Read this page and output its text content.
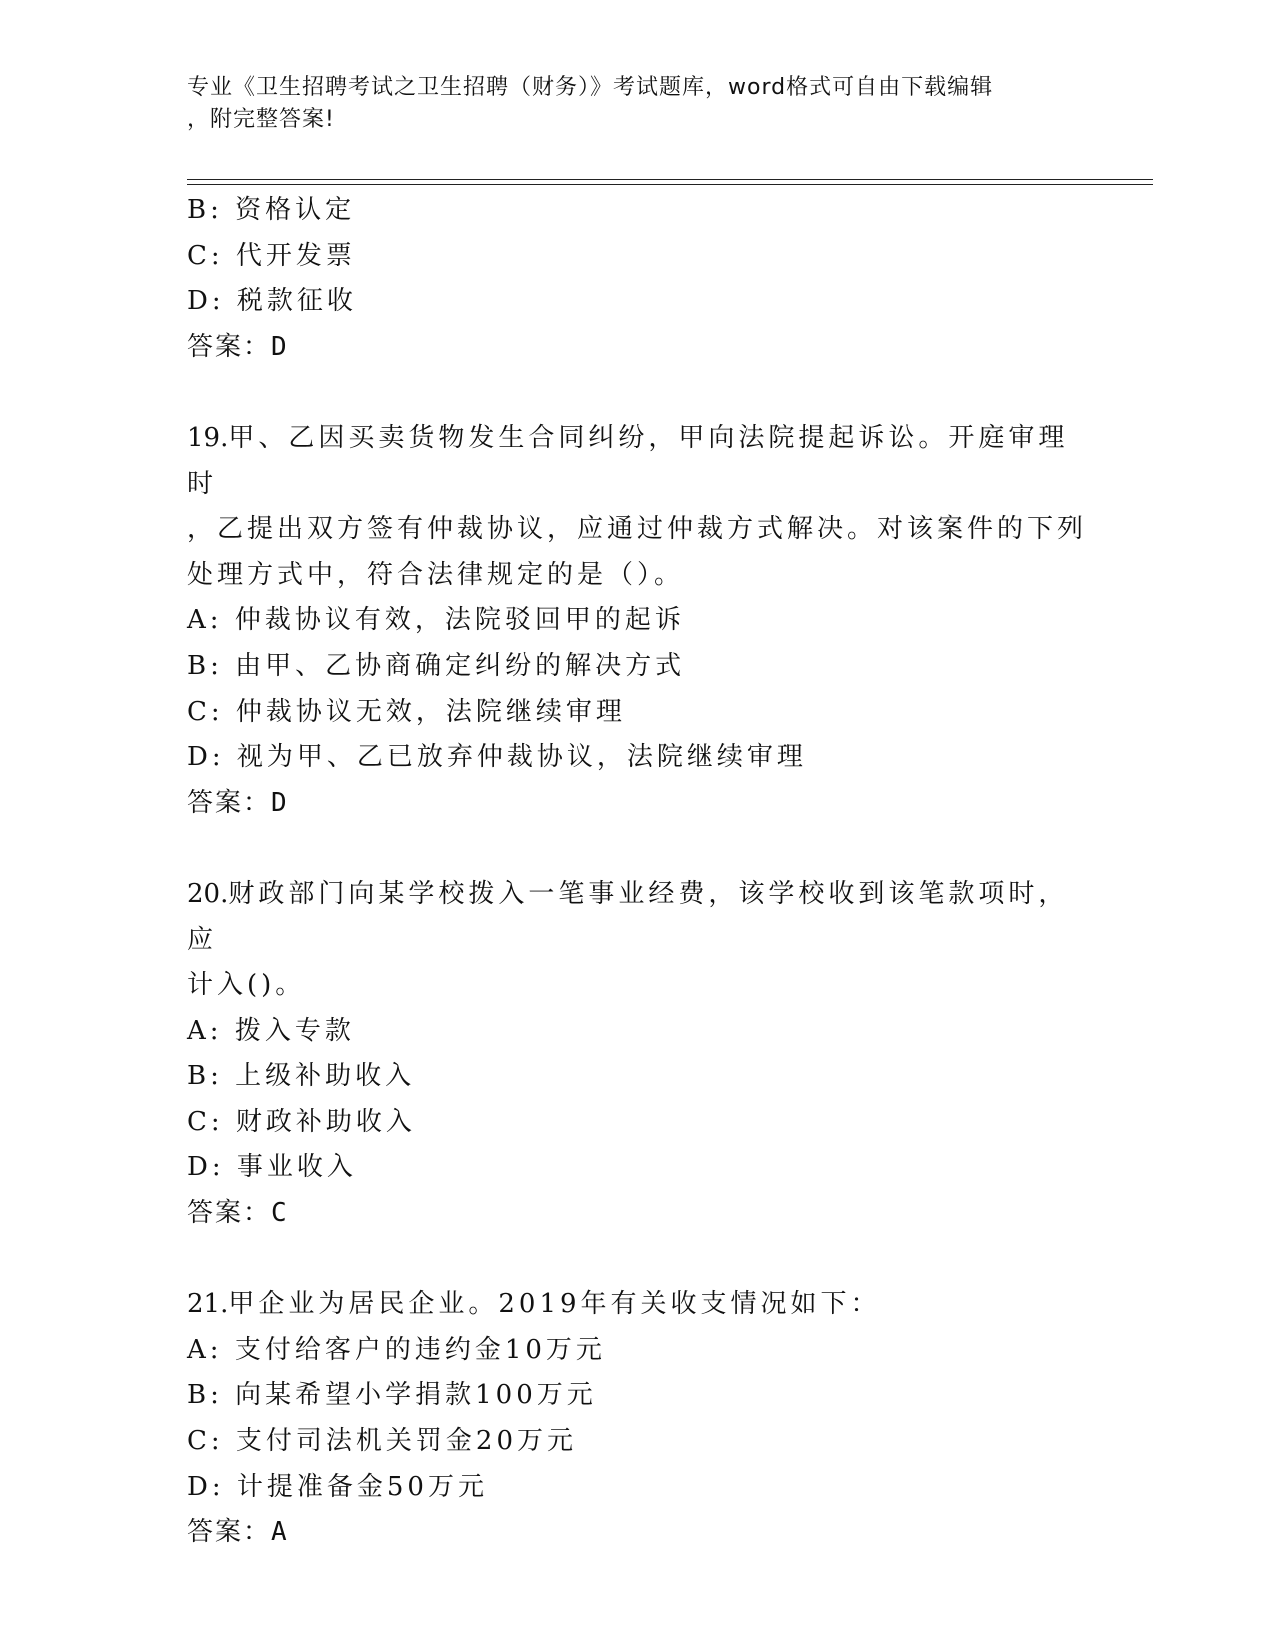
专业《卫生招聘考试之卫生招聘（财务）》考试题库，word格式可自由下载编辑
，附完整答案!
B: 资格认定
C: 代开发票
D: 税款征收
答案：D
19.甲、乙因买卖货物发生合同纠纷，甲向法院提起诉讼。开庭审理时
，乙提出双方签有仲裁协议，应通过仲裁方式解决。对该案件的下列
处理方式中，符合法律规定的是（）。
A: 仲裁协议有效，法院驳回甲的起诉
B: 由甲、乙协商确定纠纷的解决方式
C: 仲裁协议无效，法院继续审理
D: 视为甲、乙已放弃仲裁协议，法院继续审理
答案：D
20.财政部门向某学校拨入一笔事业经费，该学校收到该笔款项时，应
计入()。
A: 拨入专款
B: 上级补助收入
C: 财政补助收入
D: 事业收入
答案：C
21.甲企业为居民企业。2019年有关收支情况如下：
A: 支付给客户的违约金10万元
B: 向某希望小学捐款100万元
C: 支付司法机关罚金20万元
D: 计提准备金50万元
答案：A
